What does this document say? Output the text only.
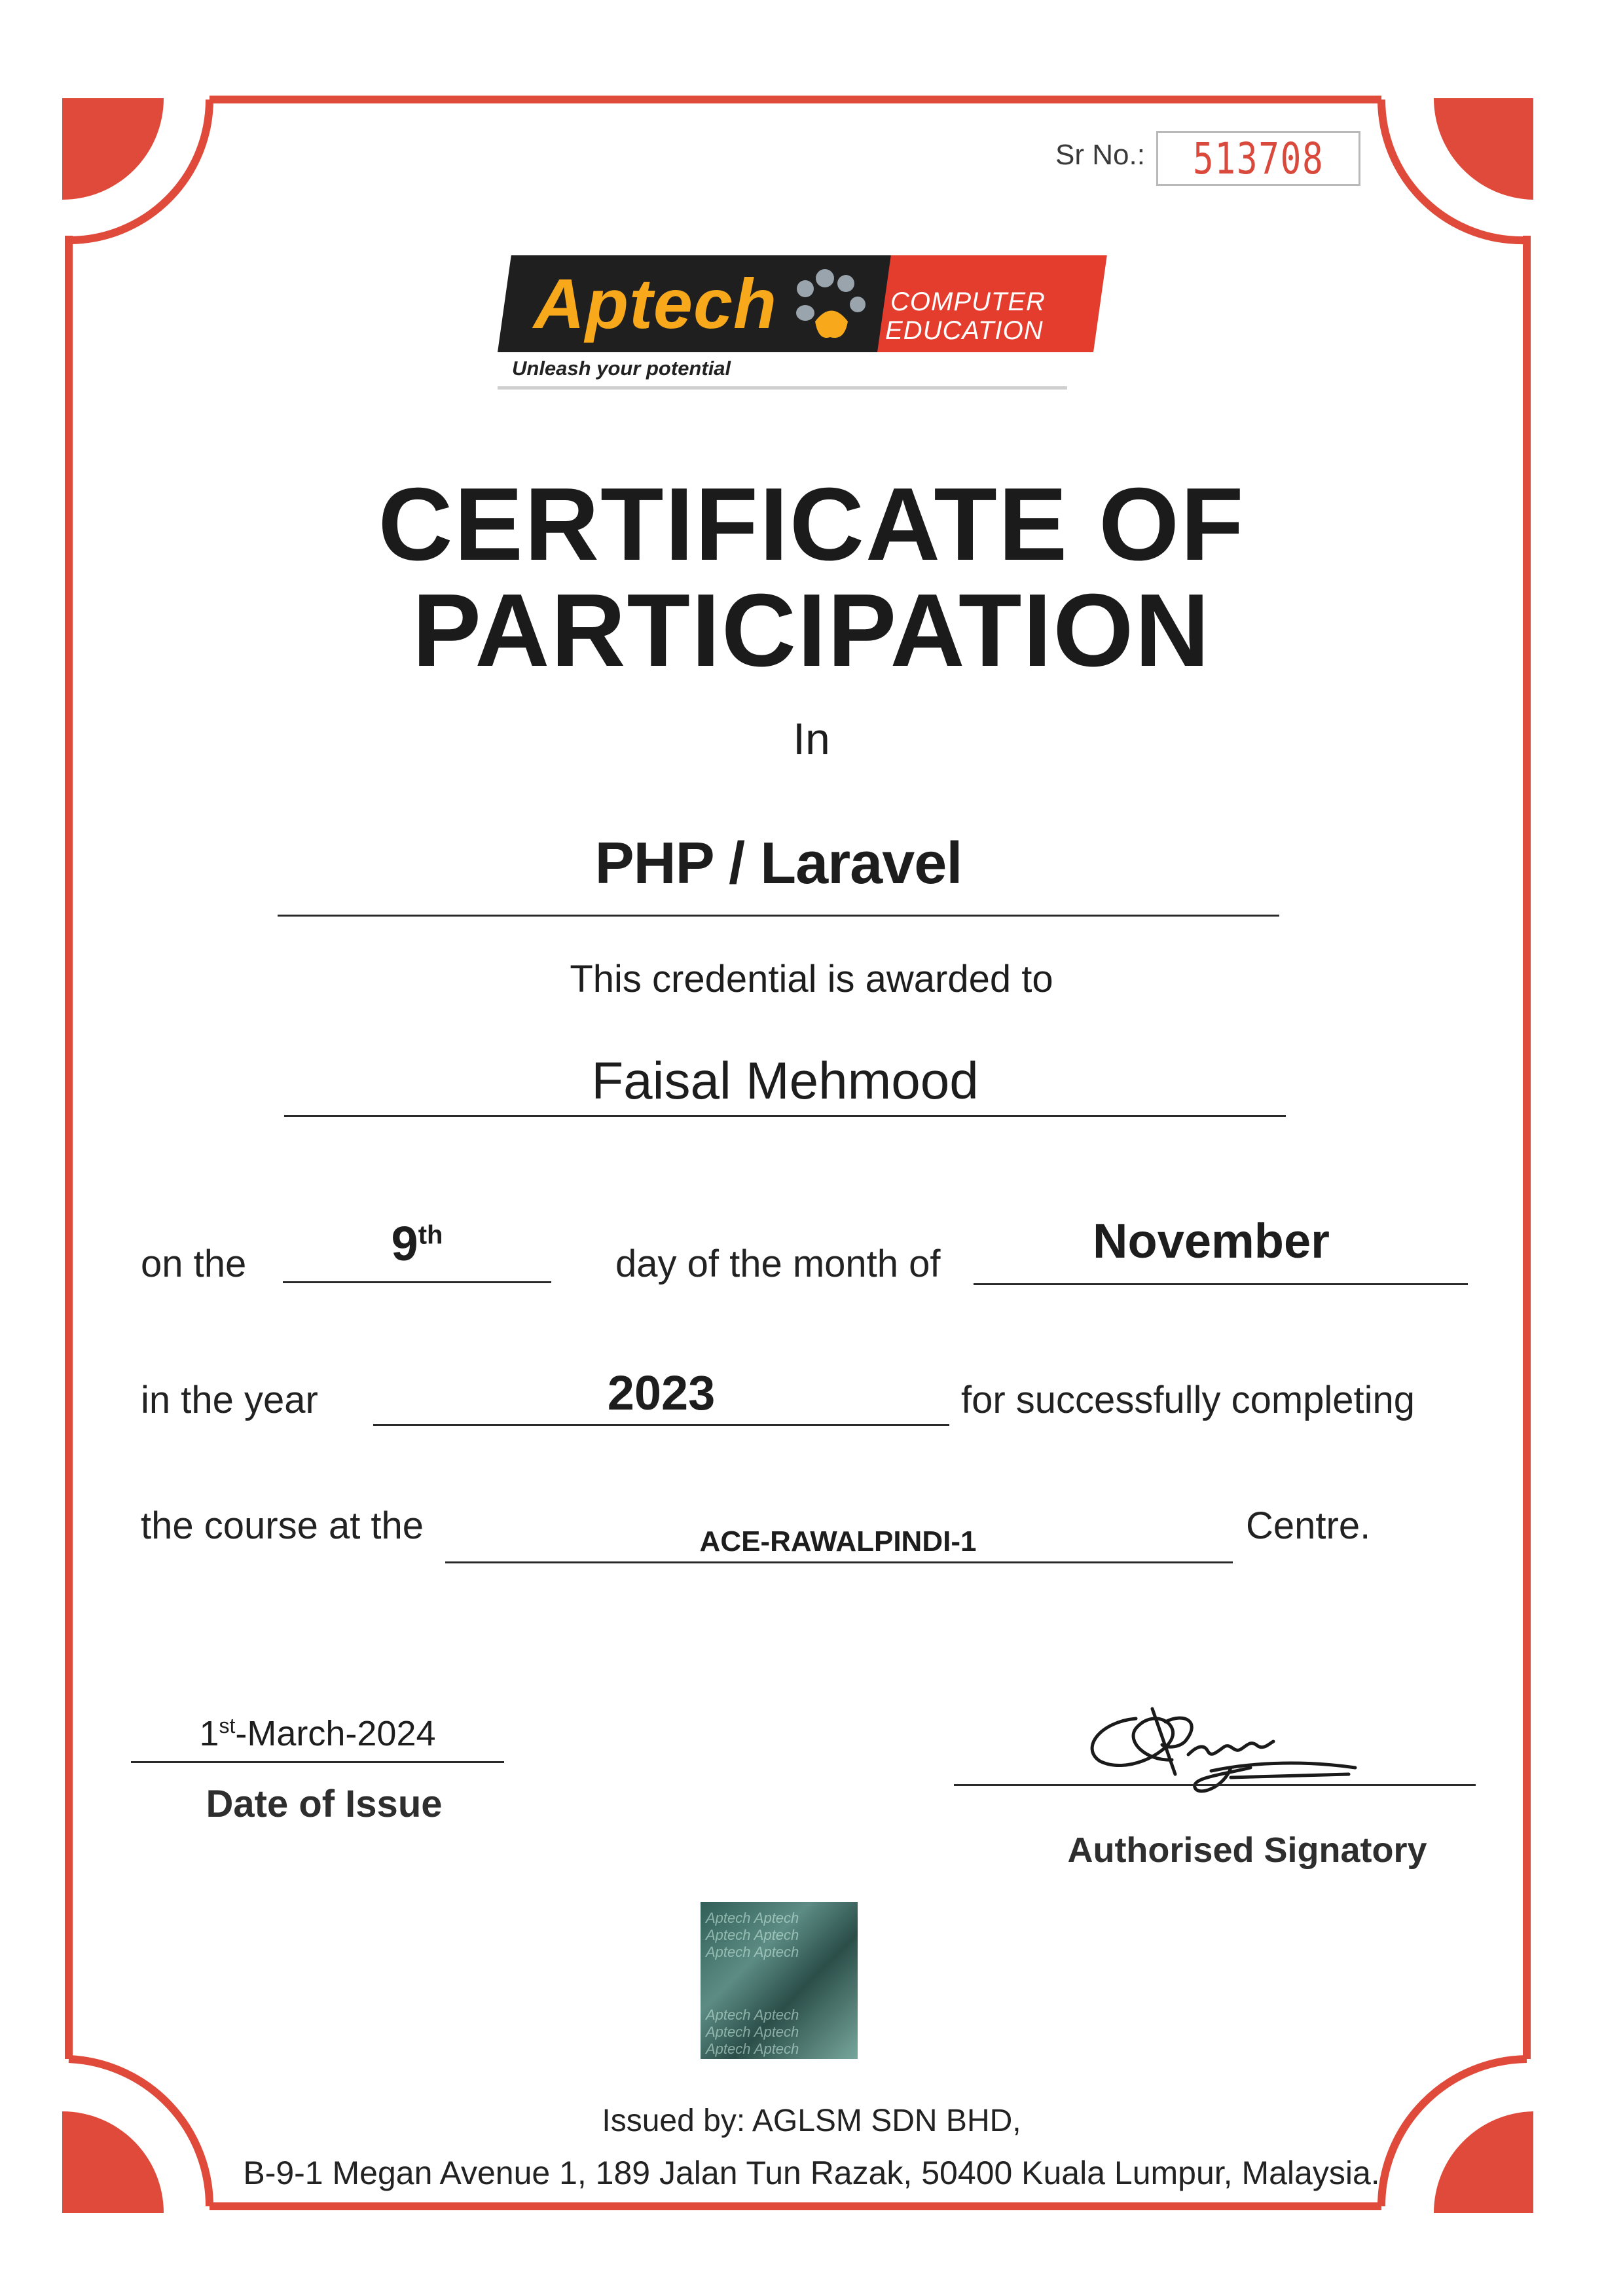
Sr No.: 513708
Aptech	COMPUTER
EDUCATION
Unleash your potential
CERTIFICATE OF
PARTICIPATION
In
PHP / Laravel
This credential is awarded to
Faisal Mehmood
on the	9th
day of the month of	November
in the year	2023	for successfully completing
the course at the	ACE-RAWALPINDI-1	Centre.
1st-March-2024
Date of Issue
Authorised Signatory
Aptech Aptech
Aptech Aptech
Aptech Aptech
Aptech Aptech
Aptech Aptech
Aptech Aptech
Issued by: AGLSM SDN BHD,
B-9-1 Megan Avenue 1, 189 Jalan Tun Razak, 50400 Kuala Lumpur, Malaysia.
